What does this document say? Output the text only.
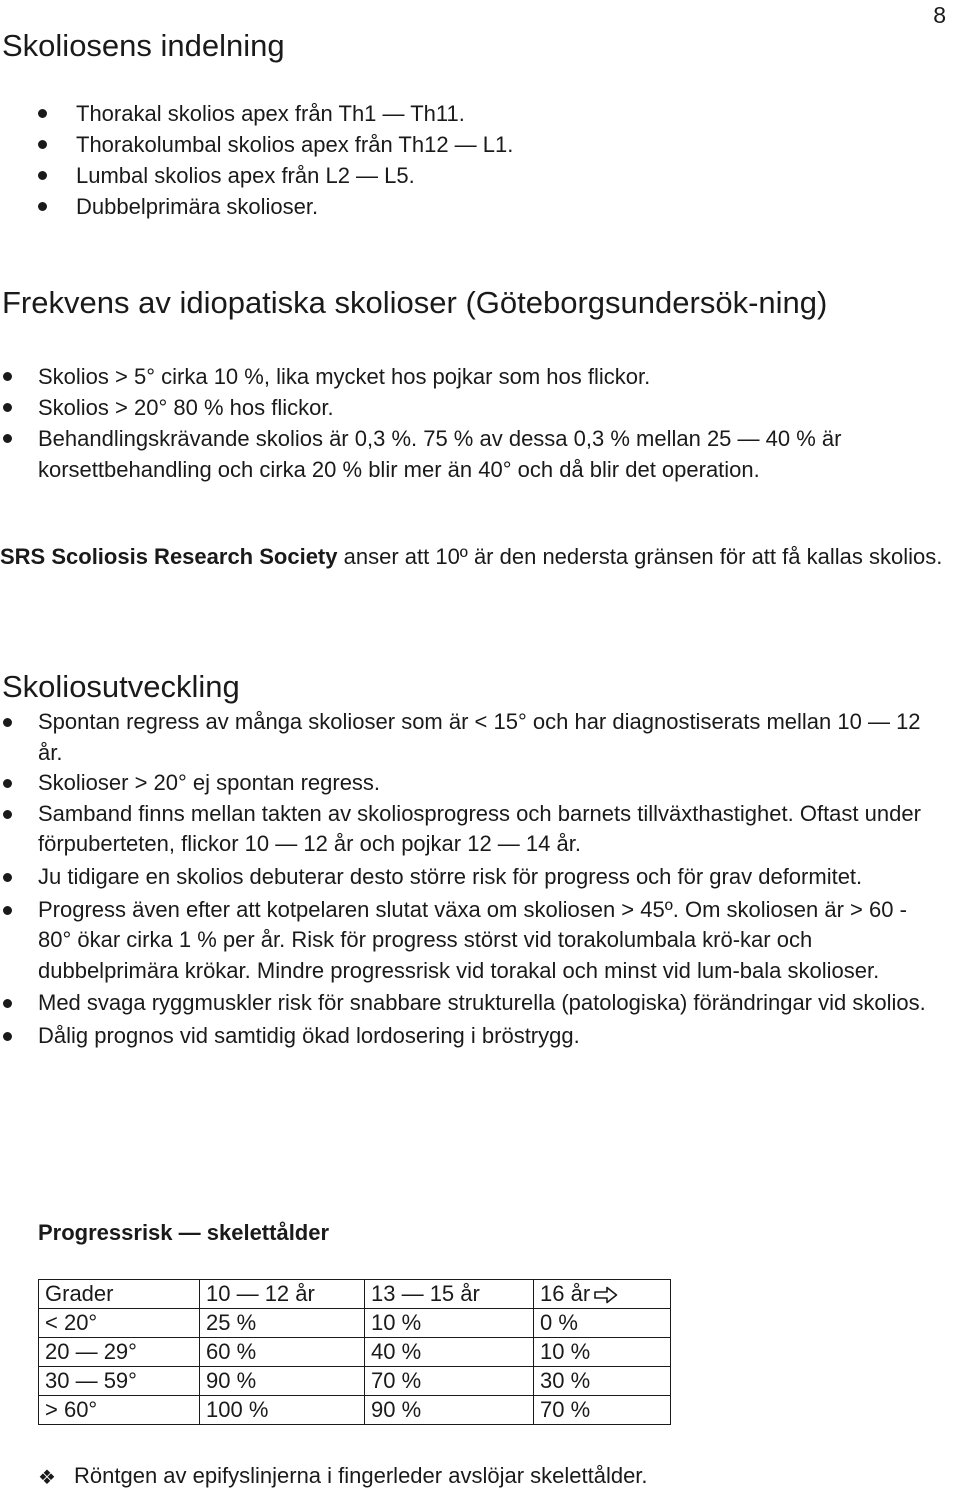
8
Skoliosens indelning
Thorakal skolios apex från Th1 — Th11.
Thorakolumbal skolios apex från Th12 — L1.
Lumbal skolios apex från L2 — L5.
Dubbelprimära skolioser.
Frekvens av idiopatiska skolioser (Göteborgsundersök-ning)
Skolios > 5° cirka 10 %, lika mycket hos pojkar som hos flickor.
Skolios > 20° 80 % hos flickor.
Behandlingskrävande skolios är 0,3 %. 75 % av dessa 0,3 % mellan 25 — 40 % är korsettbehandling och cirka 20 % blir mer än 40° och då blir det operation.

SRS Scoliosis Research Society anser att 10º är den nedersta gränsen för att få kallas skolios.

Skoliosutveckling
Spontan regress av många skolioser som är < 15° och har diagnostiserats mellan 10 — 12 år.
Skolioser > 20° ej spontan regress.
Samband finns mellan takten av skoliosprogress och barnets tillväxthastighet. Oftast under förpuberteten, flickor 10 — 12 år och pojkar 12 — 14 år.
Ju tidigare en skolios debuterar desto större risk för progress och för grav deformitet.
Progress även efter att kotpelaren slutat växa om skoliosen > 45º. Om skoliosen är > 60 - 80° ökar cirka 1 % per år. Risk för progress störst vid torakolumbala krö-kar och dubbelprimära krökar. Mindre progressrisk vid torakal och minst vid lum-bala skolioser.
Med svaga ryggmuskler risk för snabbare strukturella (patologiska) förändringar vid skolios.
Dålig prognos vid samtidig ökad lordosering i bröstrygg.

Progressrisk — skelettålder

Grader	10 — 12 år	13 — 15 år	16 år
< 20°	25 %	10 %	0 %
20 — 29°	60 %	40 %	10 %
30 — 59°	90 %	70 %	30 %
> 60°	100 %	90 %	70 %

❖ Röntgen av epifyslinjerna i fingerleder avslöjar skelettålder.
